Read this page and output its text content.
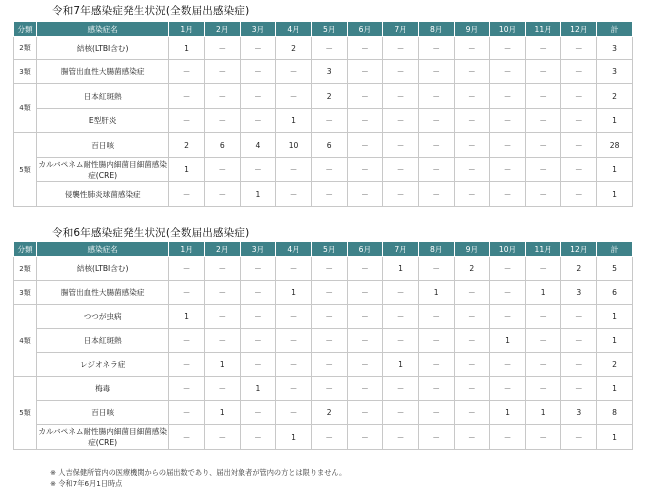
令和7年感染症発生状況(全数届出感染症)
分類	感染症名	1月	2月	3月	4月	5月	6月	7月	8月	9月	10月	11月	12月	計
2類	結核(LTBI含む)	1	－	－	2	－	－	－	－	－	－	－	－	3
3類	腸管出血性大腸菌感染症	－	－	－	－	3	－	－	－	－	－	－	－	3
4類	日本紅斑熱	－	－	－	－	2	－	－	－	－	－	－	－	2
	E型肝炎	－	－	－	1	－	－	－	－	－	－	－	－	1
5類	百日咳	2	6	4	10	6	－	－	－	－	－	－	－	28
	カルバペネム耐性腸内細菌目細菌感染症(CRE)	1	－	－	－	－	－	－	－	－	－	－	－	1
	侵襲性肺炎球菌感染症	－	－	1	－	－	－	－	－	－	－	－	－	1
令和6年感染症発生状況(全数届出感染症)
分類	感染症名	1月	2月	3月	4月	5月	6月	7月	8月	9月	10月	11月	12月	計
2類	結核(LTBI含む)	－	－	－	－	－	－	1	－	2	－	－	2	5
3類	腸管出血性大腸菌感染症	－	－	－	1	－	－	－	1	－	－	1	3	6
4類	つつが虫病	1	－	－	－	－	－	－	－	－	－	－	－	1
	日本紅斑熱	－	－	－	－	－	－	－	－	－	1	－	－	1
	レジオネラ症	－	1	－	－	－	－	1	－	－	－	－	－	2
5類	梅毒	－	－	1	－	－	－	－	－	－	－	－	－	1
	百日咳	－	1	－	－	2	－	－	－	－	1	1	3	8
	カルバペネム耐性腸内細菌目細菌感染症(CRE)	－	－	－	1	－	－	－	－	－	－	－	－	1
※ 人吉保健所管内の医療機関からの届出数であり、届出対象者が管内の方とは限りません。
※ 令和7年6月1日時点
